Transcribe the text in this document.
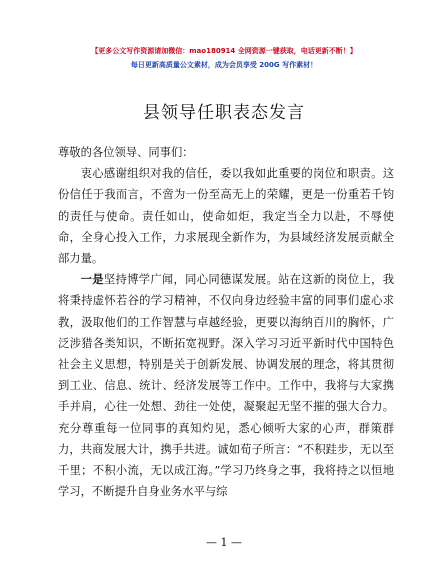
【更多公文写作资源请加微信：mao180914 全网资源一键获取，电话更新不断！】
每日更新高质量公文素材，成为会员享受 200G 写作素材！
县领导任职表态发言

尊敬的各位领导、同事们：

衷心感谢组织对我的信任，委以我如此重要的岗位和职责。这份信任于我而言，不啻为一份至高无上的荣耀，更是一份重若千钧的责任与使命。责任如山，使命如炬，我定当全力以赴，不辱使命，全身心投入工作，力求展现全新作为，为县域经济发展贡献全部力量。

一是坚持博学广闻，同心同德谋发展。站在这新的岗位上，我将秉持虚怀若谷的学习精神，不仅向身边经验丰富的同事们虚心求教，汲取他们的工作智慧与卓越经验，更要以海纳百川的胸怀，广泛涉猎各类知识，不断拓宽视野。深入学习习近平新时代中国特色社会主义思想，特别是关于创新发展、协调发展的理念，将其贯彻到工业、信息、统计、经济发展等工作中。工作中，我将与大家携手并肩，心往一处想、劲往一处使，凝聚起无坚不摧的强大合力。充分尊重每一位同事的真知灼见，悉心倾听大家的心声，群策群力，共商发展大计，携手共进。诚如荀子所言：“不积跬步，无以至千里；不积小流，无以成江海。”学习乃终身之事，我将持之以恒地学习，不断提升自身业务水平与综

— 1 —
